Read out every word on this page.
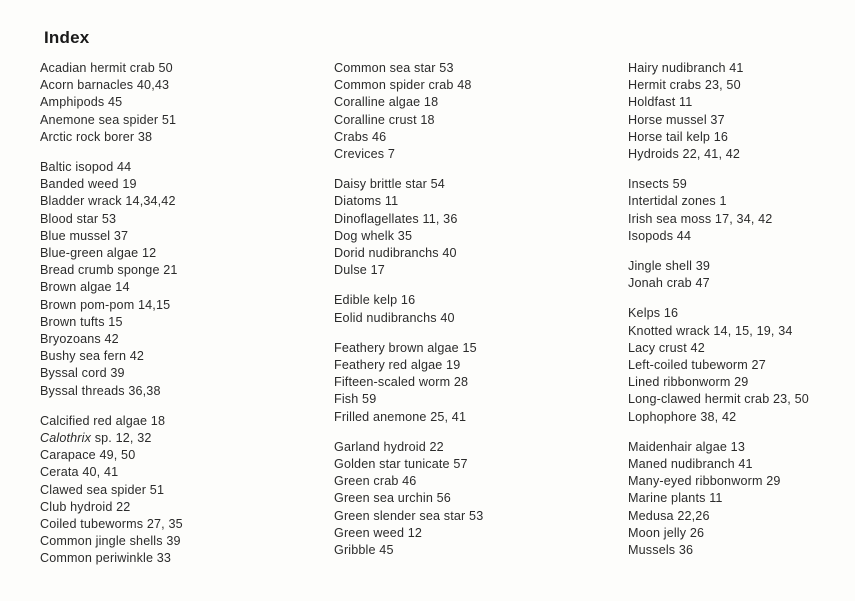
Index
Acadian hermit crab 50
Acorn barnacles 40,43
Amphipods 45
Anemone sea spider 51
Arctic rock borer 38
Baltic isopod 44
Banded weed 19
Bladder wrack 14,34,42
Blood star 53
Blue mussel 37
Blue-green algae 12
Bread crumb sponge 21
Brown algae 14
Brown pom-pom 14,15
Brown tufts 15
Bryozoans 42
Bushy sea fern 42
Byssal cord 39
Byssal threads 36,38
Calcified red algae 18
Calothrix sp. 12, 32
Carapace 49, 50
Cerata 40, 41
Clawed sea spider 51
Club hydroid 22
Coiled tubeworms 27, 35
Common jingle shells 39
Common periwinkle 33
Common sea star 53
Common spider crab 48
Coralline algae 18
Coralline crust 18
Crabs 46
Crevices 7
Daisy brittle star 54
Diatoms 11
Dinoflagellates 11, 36
Dog whelk 35
Dorid nudibranchs 40
Dulse 17
Edible kelp 16
Eolid nudibranchs 40
Feathery brown algae 15
Feathery red algae 19
Fifteen-scaled worm 28
Fish 59
Frilled anemone 25, 41
Garland hydroid 22
Golden star tunicate 57
Green crab 46
Green sea urchin 56
Green slender sea star 53
Green weed 12
Gribble 45
Hairy nudibranch 41
Hermit crabs 23, 50
Holdfast 11
Horse mussel 37
Horse tail kelp 16
Hydroids 22, 41, 42
Insects 59
Intertidal zones 1
Irish sea moss 17, 34, 42
Isopods 44
Jingle shell 39
Jonah crab 47
Kelps 16
Knotted wrack 14, 15, 19, 34
Lacy crust 42
Left-coiled tubeworm 27
Lined ribbonworm 29
Long-clawed hermit crab 23, 50
Lophophore 38, 42
Maidenhair algae 13
Maned nudibranch 41
Many-eyed ribbonworm 29
Marine plants 11
Medusa 22,26
Moon jelly 26
Mussels 36
